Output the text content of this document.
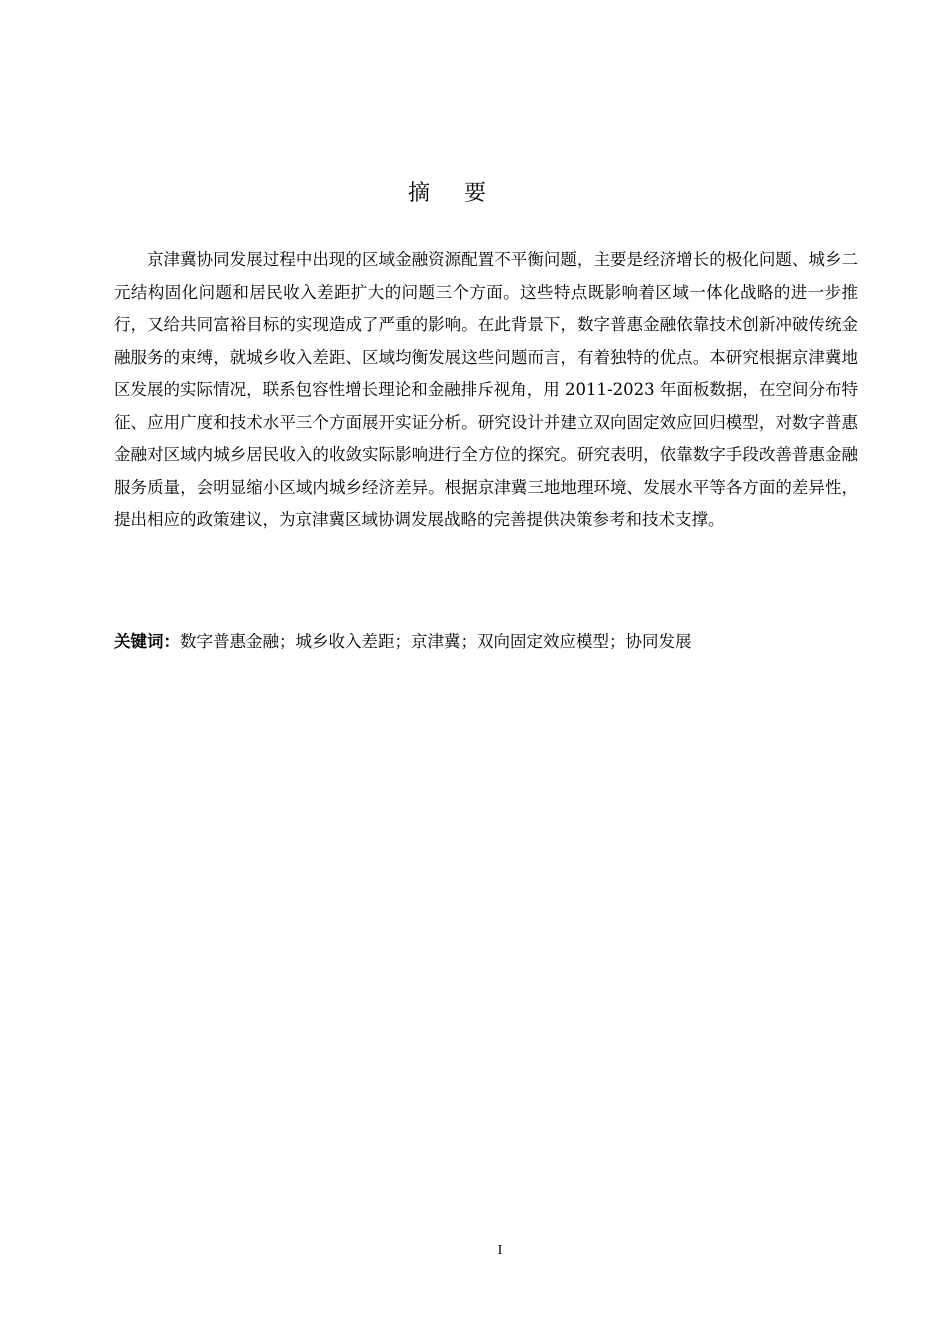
摘要

京津冀协同发展过程中出现的区域金融资源配置不平衡问题，主要是经济增长的极化问题、城乡二元结构固化问题和居民收入差距扩大的问题三个方面。这些特点既影响着区域一体化战略的进一步推行，又给共同富裕目标的实现造成了严重的影响。在此背景下，数字普惠金融依靠技术创新冲破传统金融服务的束缚，就城乡收入差距、区域均衡发展这些问题而言，有着独特的优点。本研究根据京津冀地区发展的实际情况，联系包容性增长理论和金融排斥视角，用 2011-2023 年面板数据，在空间分布特征、应用广度和技术水平三个方面展开实证分析。研究设计并建立双向固定效应回归模型，对数字普惠金融对区域内城乡居民收入的收敛实际影响进行全方位的探究。研究表明，依靠数字手段改善普惠金融服务质量，会明显缩小区域内城乡经济差异。根据京津冀三地地理环境、发展水平等各方面的差异性，提出相应的政策建议，为京津冀区域协调发展战略的完善提供决策参考和技术支撑。

关键词：数字普惠金融；城乡收入差距；京津冀；双向固定效应模型；协同发展

I
